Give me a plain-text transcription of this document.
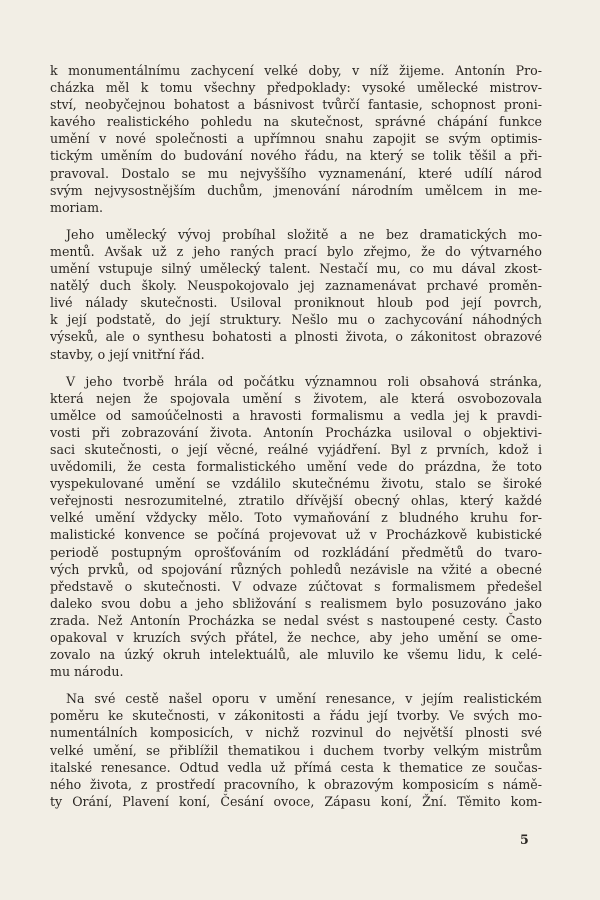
k monumentálnímu zachycení velké doby, v níž žijeme. Antonín Pro-
cházka měl k tomu všechny předpoklady: vysoké umělecké mistrov-
ství, neobyčejnou bohatost a básnivost tvůrčí fantasie, schopnost proni-
kavého realistického pohledu na skutečnost, správné chápání funkce
umění v nové společnosti a upřímnou snahu zapojit se svým optimis-
tickým uměním do budování nového řádu, na který se tolik těšil a při-
pravoval. Dostalo se mu nejvyššího vyznamenání, které udílí národ
svým nejvysostnějším duchům, jmenování národním umělcem in me-
moriam.

Jeho umělecký vývoj probíhal složitě a ne bez dramatických mo-
mentů. Avšak už z jeho raných prací bylo zřejmo, že do výtvarného
umění vstupuje silný umělecký talent. Nestačí mu, co mu dával zkost-
natělý duch školy. Neuspokojovalo jej zaznamenávat prchavé proměn-
livé nálady skutečnosti. Usiloval proniknout hloub pod její povrch,
k její podstatě, do její struktury. Nešlo mu o zachycování náhodných
výseků, ale o synthesu bohatosti a plnosti života, o zákonitost obrazové
stavby, o její vnitřní řád.

V jeho tvorbě hrála od počátku významnou roli obsahová stránka,
která nejen že spojovala umění s životem, ale která osvobozovala
umělce od samoúčelnosti a hravosti formalismu a vedla jej k pravdi-
vosti při zobrazování života. Antonín Procházka usiloval o objektivi-
saci skutečnosti, o její věcné, reálné vyjádření. Byl z prvních, kdož i
uvědomili, že cesta formalistického umění vede do prázdna, že toto
vyspekulované umění se vzdálilo skutečnému životu, stalo se široké
veřejnosti nesrozumitelné, ztratilo dřívější obecný ohlas, který každé
velké umění vždycky mělo. Toto vymaňování z bludného kruhu for-
malistické konvence se počíná projevovat už v Procházkově kubistické
periodě postupným oprošťováním od rozkládání předmětů do tvaro-
vých prvků, od spojování různých pohledů nezávisle na vžité a obecné
představě o skutečnosti. V odvaze zúčtovat s formalismem předešel
daleko svou dobu a jeho sbližování s realismem bylo posuzováno jako
zrada. Než Antonín Procházka se nedal svést s nastoupené cesty. Často
opakoval v kruzích svých přátel, že nechce, aby jeho umění se ome-
zovalo na úzký okruh intelektuálů, ale mluvilo ke všemu lidu, k celé-
mu národu.

Na své cestě našel oporu v umění renesance, v jejím realistickém
poměru ke skutečnosti, v zákonitosti a řádu její tvorby. Ve svých mo-
numentálních komposicích, v nichž rozvinul do největší plnosti své
velké umění, se přiblížil thematikou i duchem tvorby velkým mistrům
italské renesance. Odtud vedla už přímá cesta k thematice ze součas-
ného života, z prostředí pracovního, k obrazovým komposicím s námě-
ty Orání, Plavení koní, Česání ovoce, Zápasu koní, Žní. Těmito kom-

5
